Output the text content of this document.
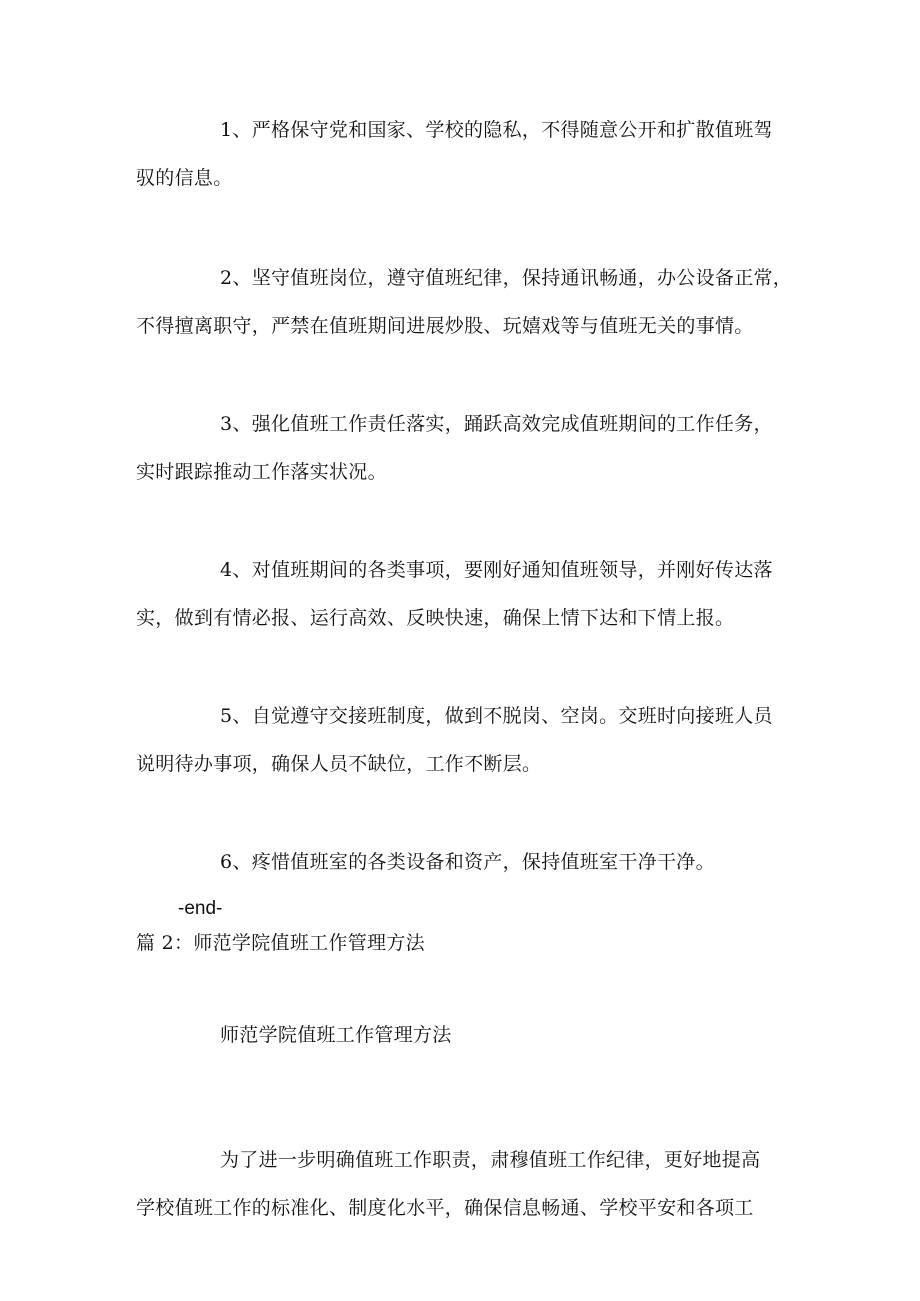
1、严格保守党和国家、学校的隐私，不得随意公开和扩散值班驾
驭的信息。

2、坚守值班岗位，遵守值班纪律，保持通讯畅通，办公设备正常，
不得擅离职守，严禁在值班期间进展炒股、玩嬉戏等与值班无关的事情。

3、强化值班工作责任落实，踊跃高效完成值班期间的工作任务，
实时跟踪推动工作落实状况。

4、对值班期间的各类事项，要刚好通知值班领导，并刚好传达落
实，做到有情必报、运行高效、反映快速，确保上情下达和下情上报。

5、自觉遵守交接班制度，做到不脱岗、空岗。交班时向接班人员
说明待办事项，确保人员不缺位，工作不断层。

6、疼惜值班室的各类设备和资产，保持值班室干净干净。

-end-

篇 2：师范学院值班工作管理方法
师范学院值班工作管理方法

为了进一步明确值班工作职责，肃穆值班工作纪律，更好地提高
学校值班工作的标准化、制度化水平，确保信息畅通、学校平安和各项工
